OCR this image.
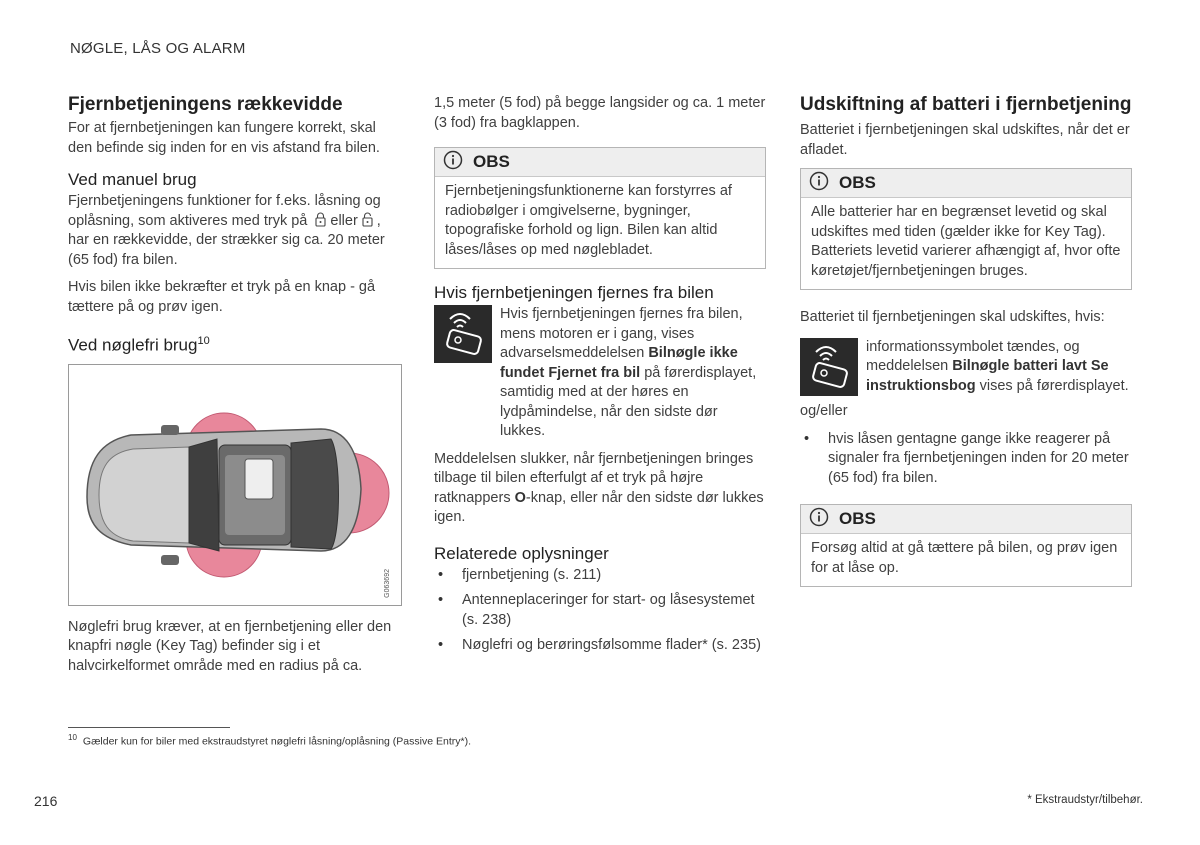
NØGLE, LÅS OG ALARM
Fjernbetjeningens rækkevidde

For at fjernbetjeningen kan fungere korrekt, skal den befinde sig inden for en vis afstand fra bilen.

Ved manuel brug

Fjernbetjeningens funktioner for f.eks. låsning og oplåsning, som aktiveres med tryk på eller , har en rækkevidde, der strækker sig ca. 20 meter (65 fod) fra bilen.

Hvis bilen ikke bekræfter et tryk på en knap - gå tættere på og prøv igen.

Ved nøglefri brug$^{10}$
G063692

Nøglefri brug kræver, at en fjernbetjening eller den knapfri nøgle (Key Tag) befinder sig i et halvcirkelformet område med en radius på ca.

1,5 meter (5 fod) på begge langsider og ca. 1 meter (3 fod) fra bagklappen.

OBS

Fjernbetjeningsfunktionerne kan forstyrres af radiobølger i omgivelserne, bygninger, topografiske forhold og lign. Bilen kan altid låses/låses op med nøglebladet.

Hvis fjernbetjeningen fjernes fra bilen

Hvis fjernbetjeningen fjernes fra bilen, mens motoren er i gang, vises advarselsmeddelelsen Bilnøgle ikke fundet Fjernet fra bil på førerdisplayet, samtidig med at der høres en lydpåmindelse, når den sidste dør lukkes.

Meddelelsen slukker, når fjernbetjeningen bringes tilbage til bilen efterfulgt af et tryk på højre ratknappers O-knap, eller når den sidste dør lukkes igen.

Relaterede oplysninger
• fjernbetjening (s. 211)
• Antenneplaceringer for start- og låsesystemet (s. 238)
• Nøglefri og berøringsfølsomme flader* (s. 235)
Udskiftning af batteri i fjernbetjening

Batteriet i fjernbetjeningen skal udskiftes, når det er afladet.

OBS

Alle batterier har en begrænset levetid og skal udskiftes med tiden (gælder ikke for Key Tag). Batteriets levetid varierer afhængigt af, hvor ofte køretøjet/fjernbetjeningen bruges.

Batteriet til fjernbetjeningen skal udskiftes, hvis:

informationssymbolet tændes, og meddelelsen Bilnøgle batteri lavt Se instruktionsbog vises på førerdisplayet.

og/eller

• hvis låsen gentagne gange ikke reagerer på signaler fra fjernbetjeningen inden for 20 meter (65 fod) fra bilen.
OBS

Forsøg altid at gå tættere på bilen, og prøv igen for at låse op.

$^{10}$ Gælder kun for biler med ekstraudstyret nøglefri låsning/oplåsning (Passive Entry*).
216	* Ekstraudstyr/tilbehør.
